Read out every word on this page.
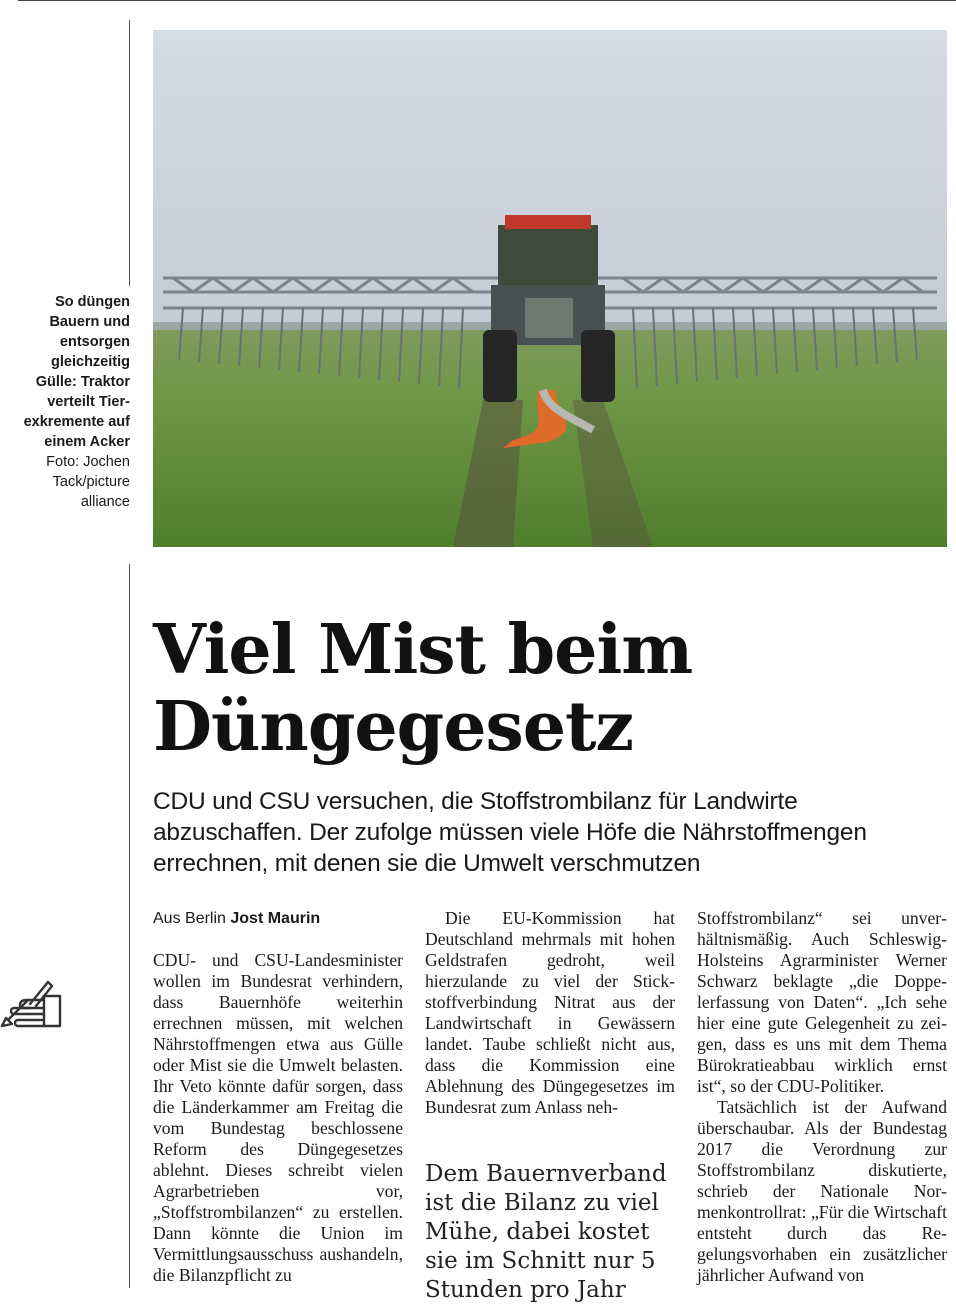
So düngen Bauern und entsorgen gleichzeitig Gülle: Traktor verteilt Tierexkremente auf einem Acker
Foto: Jochen Tack/picture alliance
Viel Mist beim Düngegesetz

CDU und CSU versuchen, die Stoffstrombilanz für Landwirte abzuschaffen. Der zufolge müssen viele Höfe die Nährstoffmengen errechnen, mit denen sie die Umwelt verschmutzen

Aus Berlin Jost Maurin

CDU- und CSU-Landesminister wollen im Bundesrat verhindern, dass Bauernhöfe weiterhin errechnen müssen, mit welchen Nährstoffmengen etwa aus Gülle oder Mist sie die Umwelt belasten. Ihr Veto könnte dafür sorgen, dass die Länderkammer am Freitag die vom Bundestag beschlossene Reform des Düngegesetzes ablehnt. Dieses schreibt vielen Agrarbetrieben vor, „Stoffstrombilanzen“ zu erstellen. Dann könnte die Union im Vermittlungsausschuss aushandeln, die Bilanzpflicht zu

Die EU-Kommission hat Deutschland mehrmals mit hohen Geldstrafen gedroht, weil hierzulande zu viel der Stickstoffverbindung Nitrat aus der Landwirtschaft in Gewässern landet. Taube schließt nicht aus, dass die Kommission eine Ablehnung des Düngegesetzes im Bundesrat zum Anlass neh-

Dem Bauernverband ist die Bilanz zu viel Mühe, dabei kostet sie im Schnitt nur 5 Stunden pro Jahr

Stoffstrombilanz“ sei unverhältnismäßig. Auch Schleswig-Holsteins Agrarminister Werner Schwarz beklagte „die Doppelerfassung von Daten“. „Ich sehe hier eine gute Gelegenheit zu zeigen, dass es uns mit dem Thema Bürokratieabbau wirklich ernst ist“, so der CDU-Politiker.

Tatsächlich ist der Aufwand überschaubar. Als der Bundestag 2017 die Verordnung zur Stoffstrombilanz diskutierte, schrieb der Nationale Normenkontrollrat: „Für die Wirtschaft entsteht durch das Regelungsvorhaben ein zusätzlicher jährlicher Aufwand von
